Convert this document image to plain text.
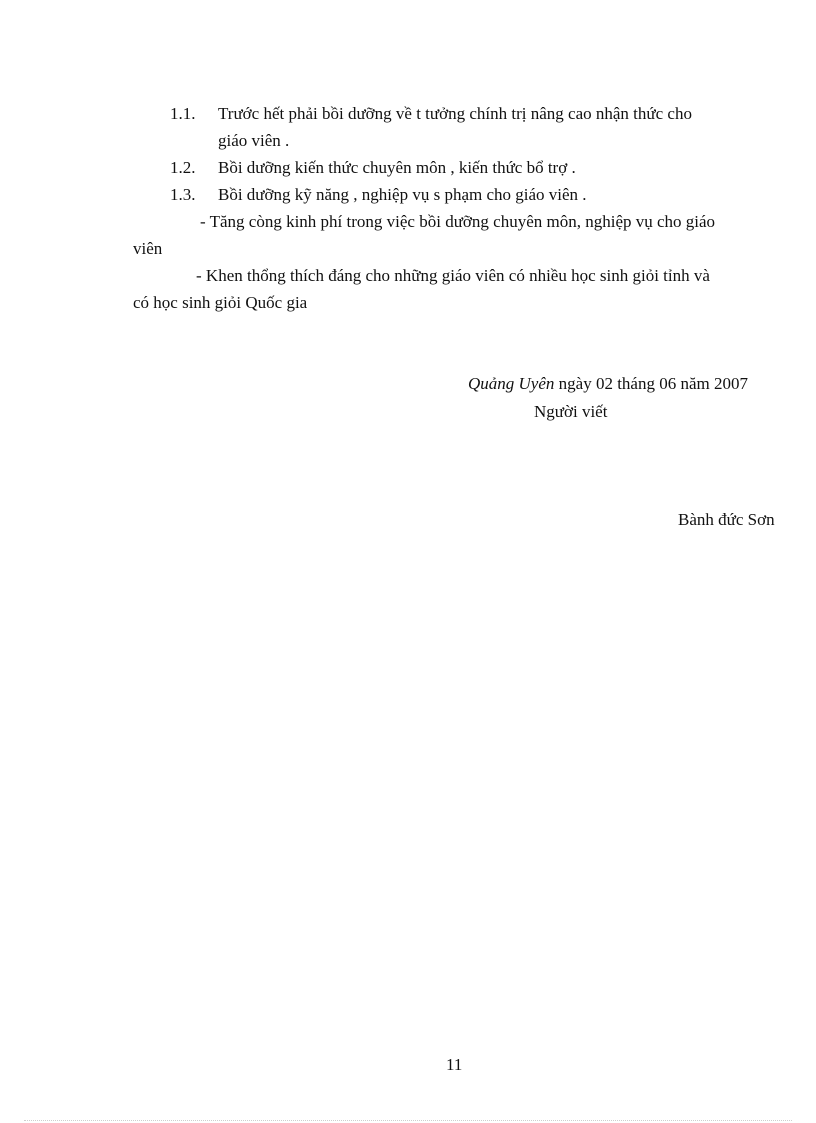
1.1. Trước hết phải bồi dưỡng về t tưởng chính trị nâng cao nhận thức cho
giáo viên .
1.2. Bồi dưỡng kiến thức chuyên môn , kiến thức bổ trợ .
1.3. Bồi dưỡng kỹ năng , nghiệp vụ s phạm cho giáo viên .
- Tăng còng kinh phí trong việc bồi dưỡng chuyên môn, nghiệp vụ cho giáo
viên
- Khen thổng thích đáng cho những giáo viên có nhiều học sinh giỏi tỉnh và
có học sinh giỏi Quốc gia
Quảng Uyên ngày 02 tháng 06 năm 2007
Người viết
Bành đức Sơn
11
